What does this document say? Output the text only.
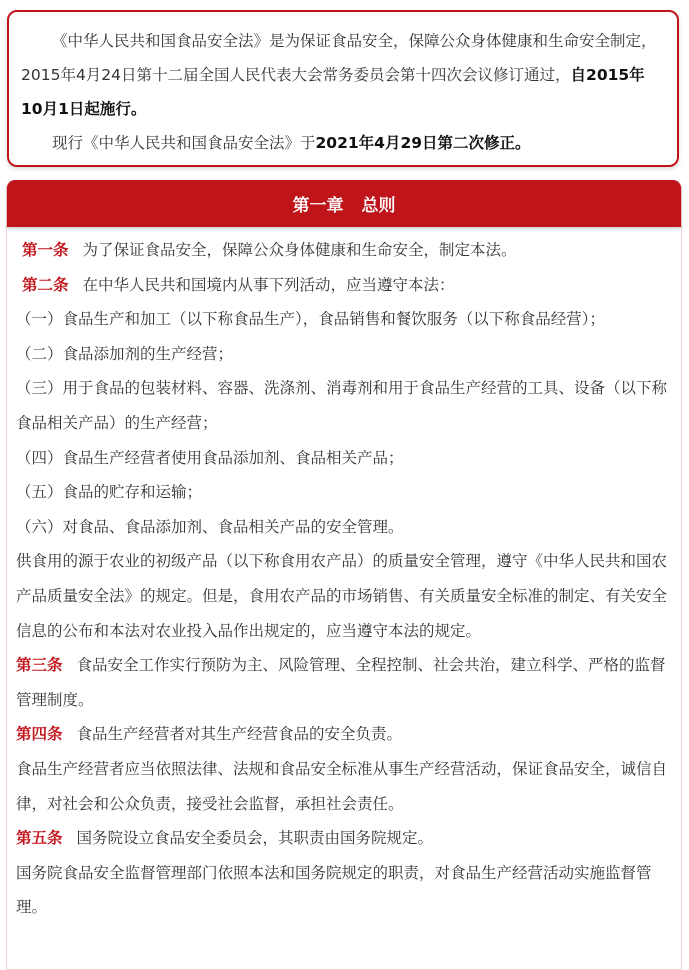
《中华人民共和国食品安全法》是为保证食品安全，保障公众身体健康和生命安全制定，2015年4月24日第十二届全国人民代表大会常务委员会第十四次会议修订通过，自2015年10月1日起施行。

现行《中华人民共和国食品安全法》于2021年4月29日第二次修正。

第一章 总则

第一条 为了保证食品安全，保障公众身体健康和生命安全，制定本法。

第二条 在中华人民共和国境内从事下列活动，应当遵守本法：

（一）食品生产和加工（以下称食品生产），食品销售和餐饮服务（以下称食品经营）；

（二）食品添加剂的生产经营；

（三）用于食品的包装材料、容器、洗涤剂、消毒剂和用于食品生产经营的工具、设备（以下称食品相关产品）的生产经营；

（四）食品生产经营者使用食品添加剂、食品相关产品；

（五）食品的贮存和运输；

（六）对食品、食品添加剂、食品相关产品的安全管理。

供食用的源于农业的初级产品（以下称食用农产品）的质量安全管理，遵守《中华人民共和国农产品质量安全法》的规定。但是，食用农产品的市场销售、有关质量安全标准的制定、有关安全信息的公布和本法对农业投入品作出规定的，应当遵守本法的规定。

第三条 食品安全工作实行预防为主、风险管理、全程控制、社会共治，建立科学、严格的监督管理制度。

第四条 食品生产经营者对其生产经营食品的安全负责。

食品生产经营者应当依照法律、法规和食品安全标准从事生产经营活动，保证食品安全，诚信自律，对社会和公众负责，接受社会监督，承担社会责任。

第五条 国务院设立食品安全委员会，其职责由国务院规定。

国务院食品安全监督管理部门依照本法和国务院规定的职责，对食品生产经营活动实施监督管理。
